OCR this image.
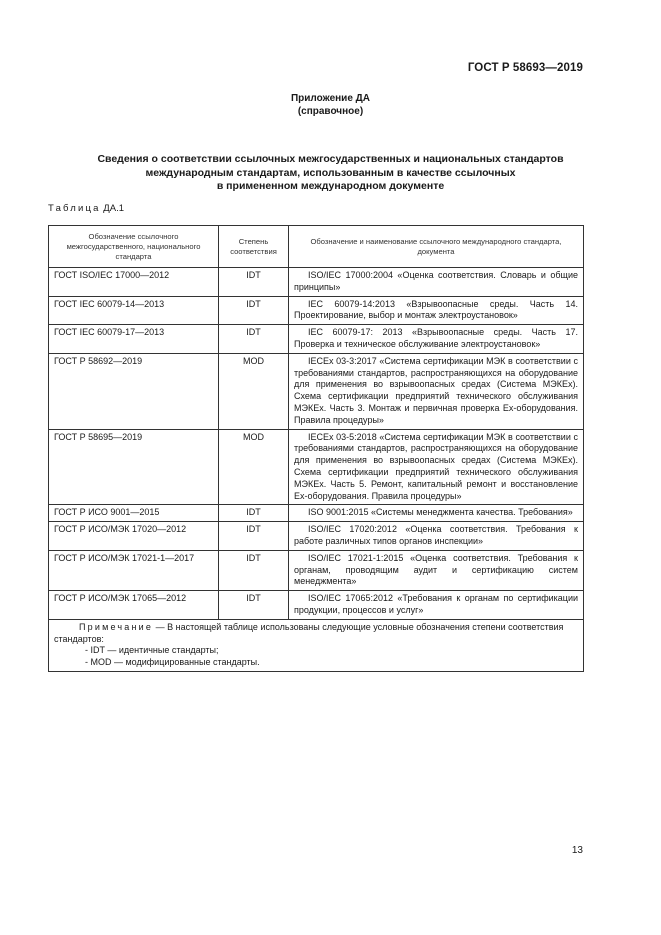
ГОСТ Р 58693—2019
Приложение ДА
(справочное)
Сведения о соответствии ссылочных межгосударственных и национальных стандартов
международным стандартам, использованным в качестве ссылочных
в примененном международном документе
Таблица ДА.1
Обозначение ссылочного межгосударственного, национального стандарта	Степень соответствия	Обозначение и наименование ссылочного международного стандарта, документа
ГОСТ ISO/IEC 17000—2012	IDT	ISO/IEC 17000:2004 «Оценка соответствия. Словарь и общие принципы»

ГОСТ IEC 60079-14—2013	IDT	IEC 60079-14:2013 «Взрывоопасные среды. Часть 14. Проектирование, выбор и монтаж электроустановок»

ГОСТ IEC 60079-17—2013	IDT	IEC 60079-17: 2013 «Взрывоопасные среды. Часть 17. Проверка и техническое обслуживание электроустановок»

ГОСТ Р 58692—2019	MOD	IECEx 03-3:2017 «Система сертификации МЭК в соответствии с требованиями стандартов, распространяющихся на оборудование для применения во взрывоопасных средах (Система МЭКЕх). Схема сертификации предприятий технического обслуживания МЭКЕх. Часть 3. Монтаж и первичная проверка Ex-оборудования. Правила процедуры»

ГОСТ Р 58695—2019	MOD	IECEx 03-5:2018 «Система сертификации МЭК в соответствии с требованиями стандартов, распространяющихся на оборудование для применения во взрывоопасных средах (Система МЭКЕх). Схема сертификации предприятий технического обслуживания МЭКЕх. Часть 5. Ремонт, капитальный ремонт и восстановление Ex-оборудования. Правила процедуры»

ГОСТ Р ИСО 9001—2015	IDT	ISO 9001:2015 «Системы менеджмента качества. Требования»

ГОСТ Р ИСО/МЭК 17020—2012	IDT	ISO/IEC 17020:2012 «Оценка соответствия. Требования к работе различных типов органов инспекции»

ГОСТ Р ИСО/МЭК 17021-1—2017	IDT	ISO/IEC 17021-1:2015 «Оценка соответствия. Требования к органам, проводящим аудит и сертификацию систем менеджмента»

ГОСТ Р ИСО/МЭК 17065—2012	IDT	ISO/IEC 17065:2012 «Требования к органам по сертификации продукции, процессов и услуг»

Примечание — В настоящей таблице использованы следующие условные обозначения степени соответствия стандартов:
- IDT — идентичные стандарты;
- MOD — модифицированные стандарты.		
13
